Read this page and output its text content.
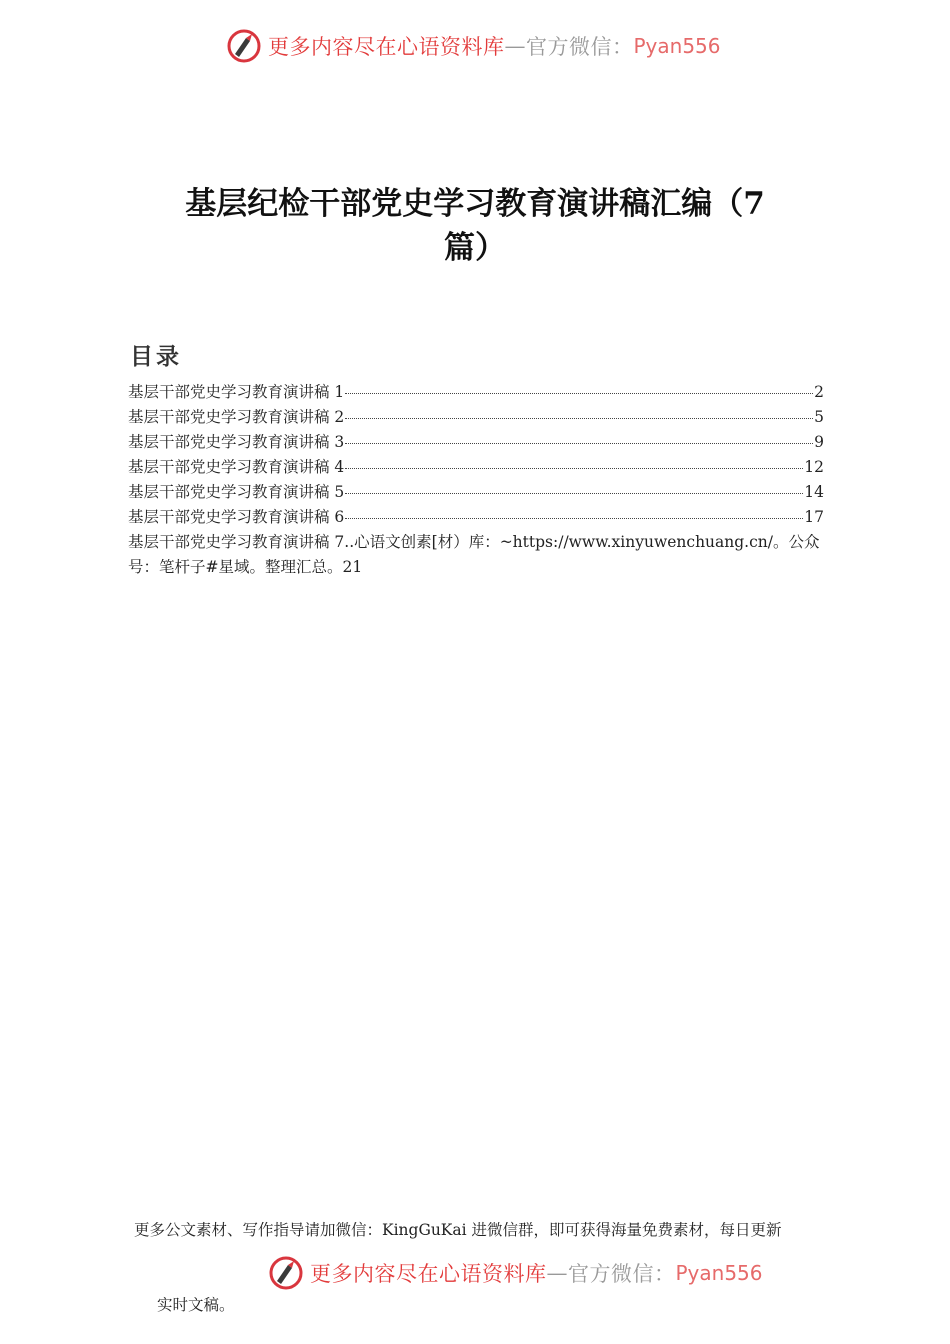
更多内容尽在心语资料库 — 官方微信： Pyan556
基层纪检干部党史学习教育演讲稿汇编（7
篇）
目录
基层干部党史学习教育演讲稿 1	2
基层干部党史学习教育演讲稿 2	5
基层干部党史学习教育演讲稿 3	9
基层干部党史学习教育演讲稿 4	12
基层干部党史学习教育演讲稿 5	14
基层干部党史学习教育演讲稿 6	17
基层干部党史学习教育演讲稿 7..心语文创素[材）库：~https://www.xinyuwenchuang.cn/。公众号：笔杆子#星域。整理汇总。21
更多公文素材、写作指导请加微信：KingGuKai 进微信群，即可获得海量免费素材，每日更新
更多内容尽在心语资料库 — 官方微信： Pyan556
实时文稿。
